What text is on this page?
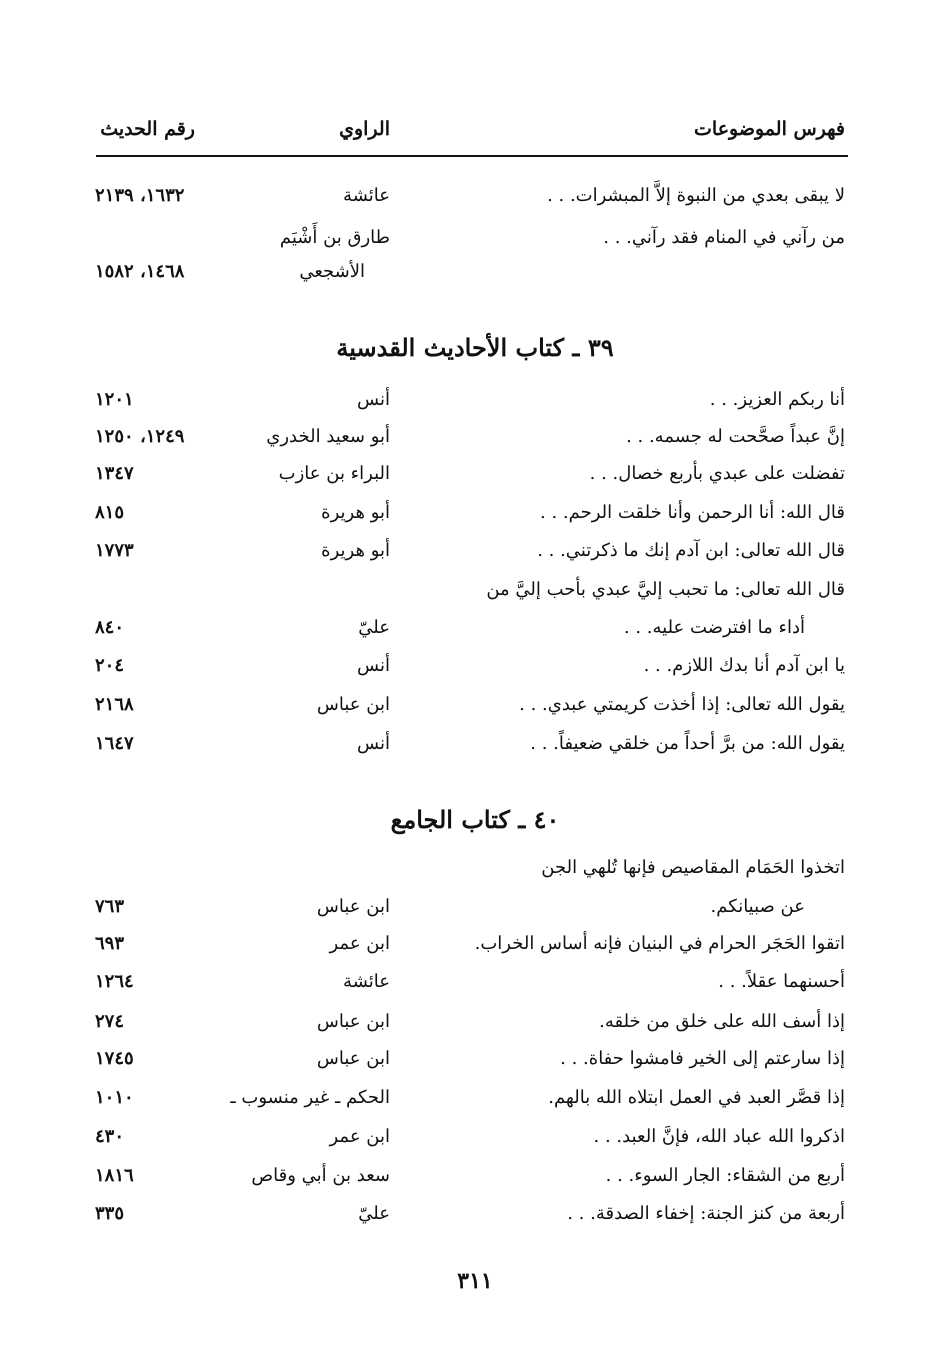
فهرس الموضوعات
الراوي
رقم الحديث
لا يبقى بعدي من النبوة إلاَّ المبشرات. . .
عائشة
١٦٣٢، ٢١٣٩
من رآني في المنام فقد رآني. . .
طارق بن أَشْيَم
الأشجعي
١٤٦٨، ١٥٨٢
٣٩ ـ كتاب الأحاديث القدسية
أنا ربكم العزيز. . .
أنس
١٢٠١
إنَّ عبداً صحَّحت له جسمه. . .
أبو سعيد الخدري
١٢٤٩، ١٢٥٠
تفضلت على عبدي بأربع خصال. . .
البراء بن عازب
١٣٤٧
قال الله: أنا الرحمن وأنا خلقت الرحم. . .
أبو هريرة
٨١٥
قال الله تعالى: ابن آدم إنك ما ذكرتني. . .
أبو هريرة
١٧٧٣
قال الله تعالى: ما تحبب إليَّ عبدي بأحب إليَّ من
أداء ما افترضت عليه. . .
عليّ
٨٤٠
يا ابن آدم أنا بدك اللازم. . .
أنس
٢٠٤
يقول الله تعالى: إذا أخذت كريمتي عبدي. . .
ابن عباس
٢١٦٨
يقول الله: من برَّ أحداً من خلقي ضعيفاً. . .
أنس
١٦٤٧
٤٠ ـ كتاب الجامع
اتخذوا الحَمَام المقاصيص فإنها تُلهي الجن
عن صبيانكم.
ابن عباس
٧٦٣
اتقوا الحَجَر الحرام في البنيان فإنه أساس الخراب.
ابن عمر
٦٩٣
أحسنهما عقلاً. . .
عائشة
١٢٦٤
إذا أسف الله على خلق من خلقه.
ابن عباس
٢٧٤
إذا سارعتم إلى الخير فامشوا حفاة. . .
ابن عباس
١٧٤٥
إذا قصَّر العبد في العمل ابتلاه الله بالهم.
الحكم ـ غير منسوب ـ
١٠١٠
اذكروا الله عباد الله، فإنَّ العبد. . .
ابن عمر
٤٣٠
أربع من الشقاء: الجار السوء. . .
سعد بن أبي وقاص
١٨١٦
أربعة من كنز الجنة: إخفاء الصدقة. . .
عليّ
٣٣٥
٣١١
